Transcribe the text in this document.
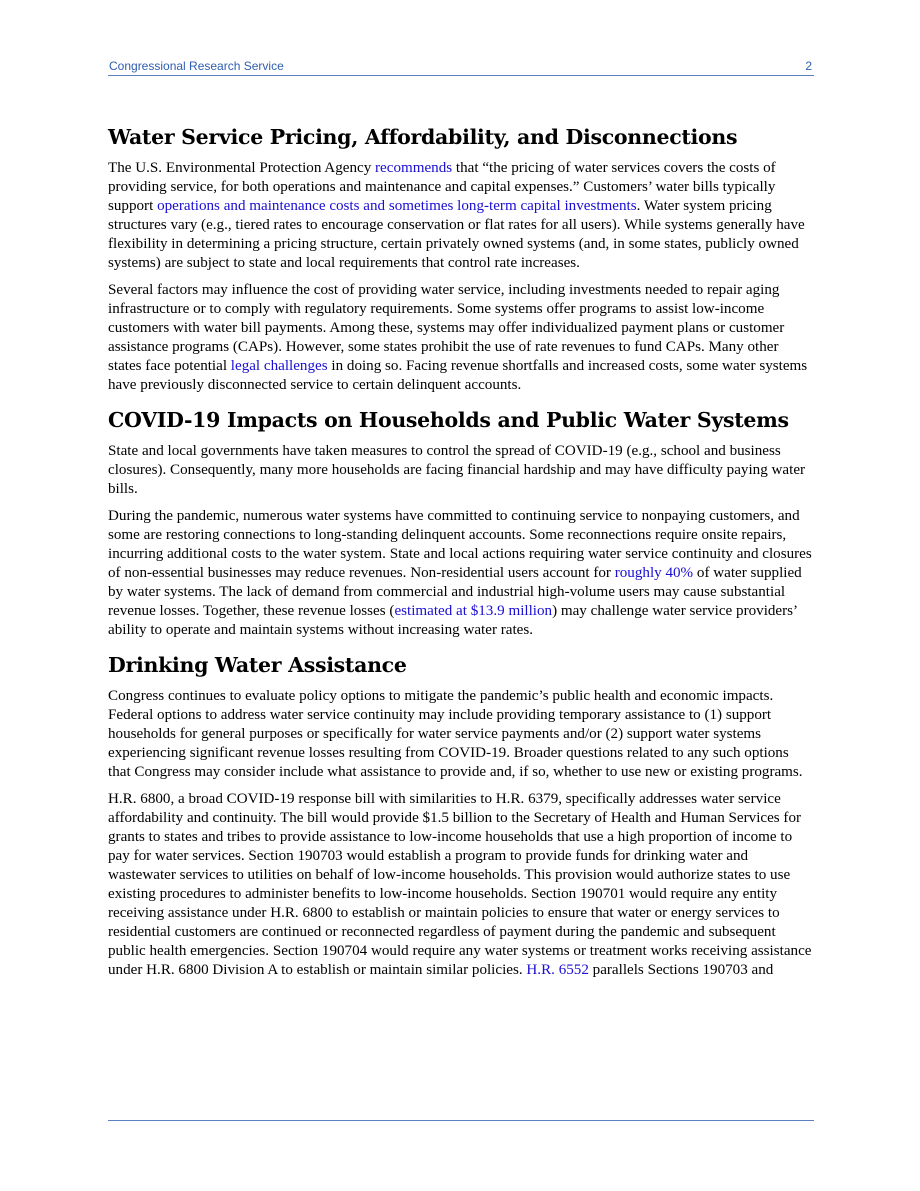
Congressional Research Service	2
Water Service Pricing, Affordability, and Disconnections

The U.S. Environmental Protection Agency recommends that “the pricing of water services covers the costs of providing service, for both operations and maintenance and capital expenses.” Customers’ water bills typically support operations and maintenance costs and sometimes long-term capital investments. Water system pricing structures vary (e.g., tiered rates to encourage conservation or flat rates for all users). While systems generally have flexibility in determining a pricing structure, certain privately owned systems (and, in some states, publicly owned systems) are subject to state and local requirements that control rate increases.

Several factors may influence the cost of providing water service, including investments needed to repair aging infrastructure or to comply with regulatory requirements. Some systems offer programs to assist low-income customers with water bill payments. Among these, systems may offer individualized payment plans or customer assistance programs (CAPs). However, some states prohibit the use of rate revenues to fund CAPs. Many other states face potential legal challenges in doing so. Facing revenue shortfalls and increased costs, some water systems have previously disconnected service to certain delinquent accounts.

COVID-19 Impacts on Households and Public Water Systems

State and local governments have taken measures to control the spread of COVID-19 (e.g., school and business closures). Consequently, many more households are facing financial hardship and may have difficulty paying water bills.

During the pandemic, numerous water systems have committed to continuing service to nonpaying customers, and some are restoring connections to long-standing delinquent accounts. Some reconnections require onsite repairs, incurring additional costs to the water system. State and local actions requiring water service continuity and closures of non-essential businesses may reduce revenues. Non-residential users account for roughly 40% of water supplied by water systems. The lack of demand from commercial and industrial high-volume users may cause substantial revenue losses. Together, these revenue losses (estimated at $13.9 million) may challenge water service providers’ ability to operate and maintain systems without increasing water rates.

Drinking Water Assistance

Congress continues to evaluate policy options to mitigate the pandemic’s public health and economic impacts. Federal options to address water service continuity may include providing temporary assistance to (1) support households for general purposes or specifically for water service payments and/or (2) support water systems experiencing significant revenue losses resulting from COVID-19. Broader questions related to any such options that Congress may consider include what assistance to provide and, if so, whether to use new or existing programs.

H.R. 6800, a broad COVID-19 response bill with similarities to H.R. 6379, specifically addresses water service affordability and continuity. The bill would provide $1.5 billion to the Secretary of Health and Human Services for grants to states and tribes to provide assistance to low-income households that use a high proportion of income to pay for water services. Section 190703 would establish a program to provide funds for drinking water and wastewater services to utilities on behalf of low-income households. This provision would authorize states to use existing procedures to administer benefits to low-income households. Section 190701 would require any entity receiving assistance under H.R. 6800 to establish or maintain policies to ensure that water or energy services to residential customers are continued or reconnected regardless of payment during the pandemic and subsequent public health emergencies. Section 190704 would require any water systems or treatment works receiving assistance under H.R. 6800 Division A to establish or maintain similar policies. H.R. 6552 parallels Sections 190703 and
